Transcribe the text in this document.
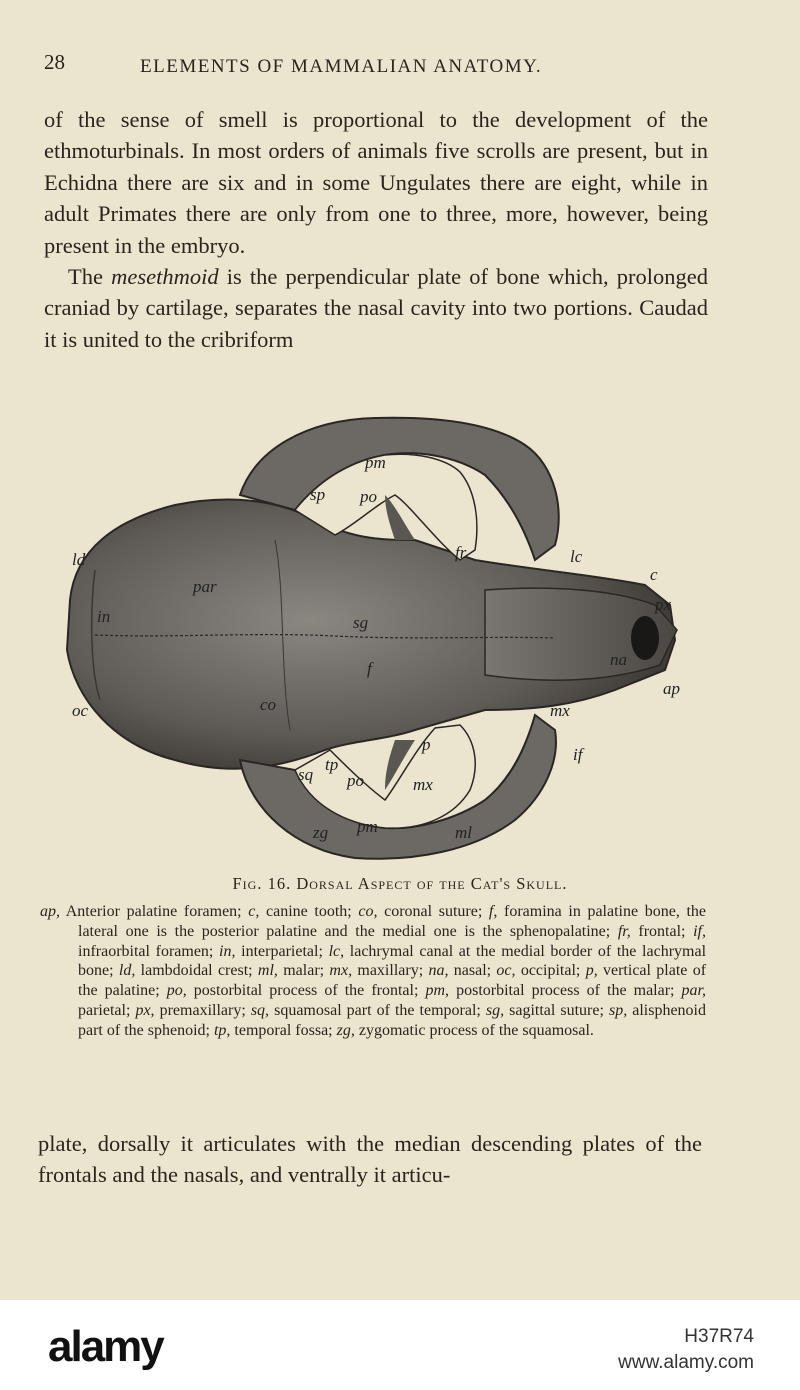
28	ELEMENTS OF MAMMALIAN ANATOMY.

of the sense of smell is proportional to the development of the ethmoturbinals. In most orders of animals five scrolls are present, but in Echidna there are six and in some Ungulates there are eight, while in adult Primates there are only from one to three, more, however, being present in the embryo.

The mesethmoid is the perpendicular plate of bone which, prolonged craniad by cartilage, separates the nasal cavity into two portions. Caudad it is united to the cribriform

pm
sp po
fr	lc
ld
par
in
c
px
sg
f	na
oc	co
ap
mx
if
p
sq
tp
po	mx
zg pm	ml
Fig. 16. Dorsal Aspect of the Cat's Skull.
ap, Anterior palatine foramen; c, canine tooth; co, coronal suture; f, foramina in palatine bone, the lateral one is the posterior palatine and the medial one is the sphenopalatine; fr, frontal; if, infraorbital foramen; in, interparietal; lc, lachrymal canal at the medial border of the lachrymal bone; ld, lambdoidal crest; ml, malar; mx, maxillary; na, nasal; oc, occipital; p, vertical plate of the palatine; po, postorbital process of the frontal; pm, postorbital process of the malar; par, parietal; px, premaxillary; sq, squamosal part of the temporal; sg, sagittal suture; sp, alisphenoid part of the sphenoid; tp, temporal fossa; zg, zygomatic process of the squamosal.
plate, dorsally it articulates with the median descending plates of the frontals and the nasals, and ventrally it articu-
alamy	H37R74
www.alamy.com
